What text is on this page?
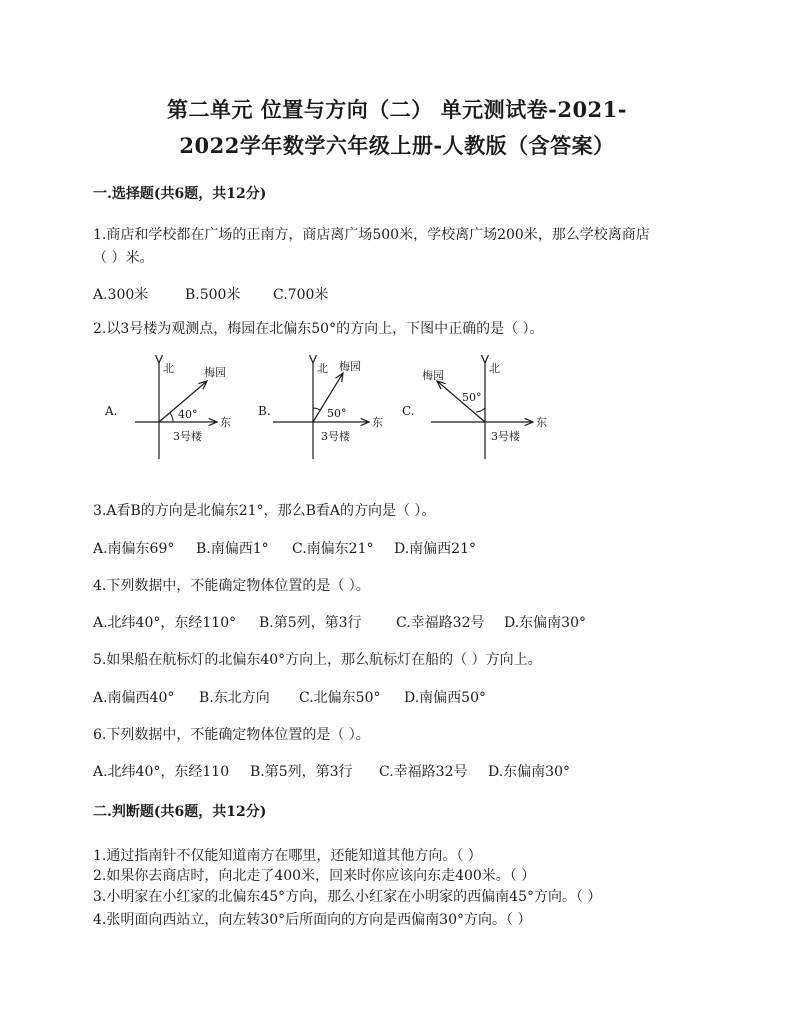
第二单元 位置与方向（二） 单元测试卷-2021-
2022学年数学六年级上册-人教版（含答案）
一.选择题(共6题，共12分)
1.商店和学校都在广场的正南方，商店离广场500米，学校离广场200米，那么学校离商店
（ ）米。
A.300米	B.500米 C.700米
2.以3号楼为观测点，梅园在北偏东50°的方向上，下图中正确的是（ ）。
A.
北	梅园
40°
东
3号楼
B.
北 梅园
50°
东
3号楼
C.
北
梅园
50°
东
3号楼
3.A看B的方向是北偏东21°，那么B看A的方向是（ ）。
A.南偏东69° B.南偏西1° C.南偏东21° D.南偏西21°
4.下列数据中，不能确定物体位置的是（ ）。
A.北纬40°，东经110° B.第5列，第3行 C.幸福路32号 D.东偏南30°
5.如果船在航标灯的北偏东40°方向上，那么航标灯在船的（ ）方向上。
A.南偏西40° B.东北方向 C.北偏东50° D.南偏西50°
6.下列数据中，不能确定物体位置的是（ ）。
A.北纬40°，东经110 B.第5列，第3行 C.幸福路32号 D.东偏南30°
二.判断题(共6题，共12分)
1.通过指南针不仅能知道南方在哪里，还能知道其他方向。（ ）
2.如果你去商店时，向北走了400米，回来时你应该向东走400米。（ ）
3.小明家在小红家的北偏东45°方向，那么小红家在小明家的西偏南45°方向。（ ）
4.张明面向西站立，向左转30°后所面向的方向是西偏南30°方向。（ ）
